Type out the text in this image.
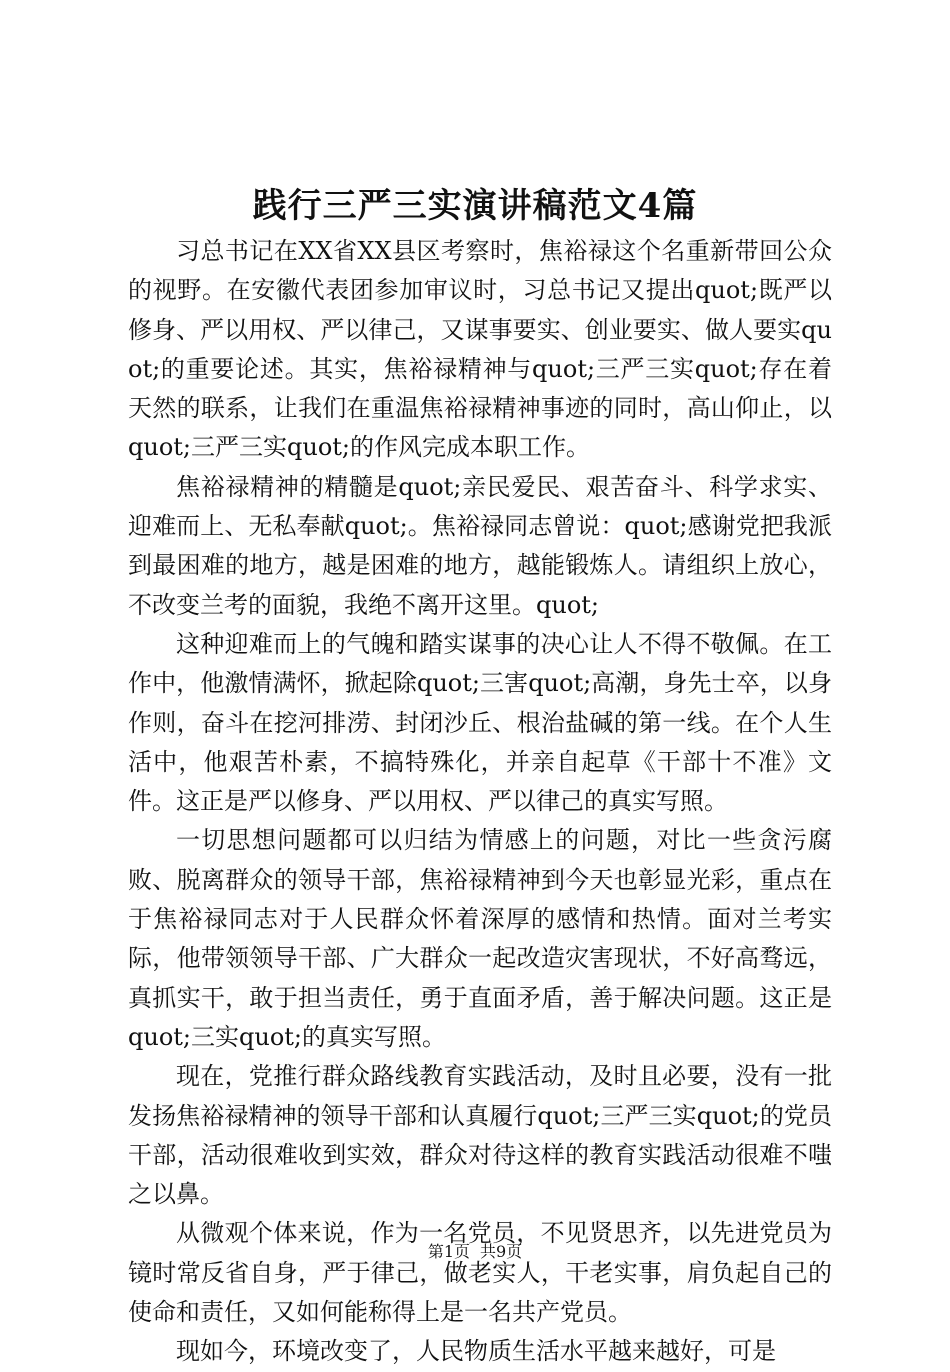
践行三严三实演讲稿范文4篇

习总书记在XX省XX县区考察时，焦裕禄这个名重新带回公众的视野。在安徽代表团参加审议时，习总书记又提出quot;既严以修身、严以用权、严以律己，又谋事要实、创业要实、做人要实quot;的重要论述。其实，焦裕禄精神与quot;三严三实quot;存在着天然的联系，让我们在重温焦裕禄精神事迹的同时，高山仰止，以quot;三严三实quot;的作风完成本职工作。

焦裕禄精神的精髓是quot;亲民爱民、艰苦奋斗、科学求实、迎难而上、无私奉献quot;。焦裕禄同志曾说：quot;感谢党把我派到最困难的地方，越是困难的地方，越能锻炼人。请组织上放心，不改变兰考的面貌，我绝不离开这里。quot;

这种迎难而上的气魄和踏实谋事的决心让人不得不敬佩。在工作中，他激情满怀，掀起除quot;三害quot;高潮，身先士卒，以身作则，奋斗在挖河排涝、封闭沙丘、根治盐碱的第一线。在个人生活中，他艰苦朴素，不搞特殊化，并亲自起草《干部十不准》文件。这正是严以修身、严以用权、严以律己的真实写照。

一切思想问题都可以归结为情感上的问题，对比一些贪污腐败、脱离群众的领导干部，焦裕禄精神到今天也彰显光彩，重点在于焦裕禄同志对于人民群众怀着深厚的感情和热情。面对兰考实际，他带领领导干部、广大群众一起改造灾害现状，不好高骛远，真抓实干，敢于担当责任，勇于直面矛盾，善于解决问题。这正是quot;三实quot;的真实写照。

现在，党推行群众路线教育实践活动，及时且必要，没有一批发扬焦裕禄精神的领导干部和认真履行quot;三严三实quot;的党员干部，活动很难收到实效，群众对待这样的教育实践活动很难不嗤之以鼻。

从微观个体来说，作为一名党员，不见贤思齐，以先进党员为镜时常反省自身，严于律己，做老实人，干老实事，肩负起自己的使命和责任，又如何能称得上是一名共产党员。

现如今，环境改变了，人民物质生活水平越来越好，可是

第1页 共9页
